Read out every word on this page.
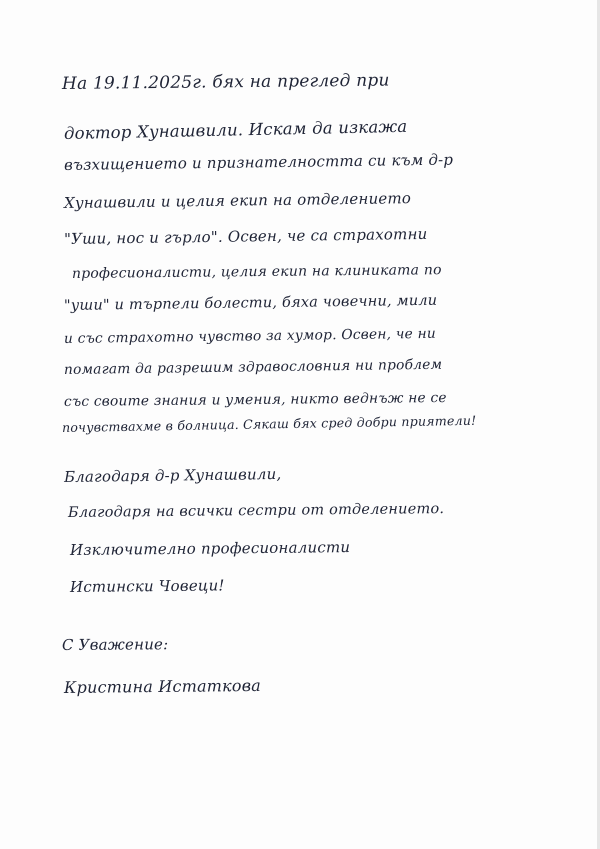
На 19.11.2025г. бях на преглед при
доктор Хунашвили. Искам да изкажа
възхищението и признателността си към д-р
Хунашвили и целия екип на отделението
"Уши, нос и гърло". Освен, че са страхотни
професионалисти, целия екип на клиниката по
"уши" и търпели болести, бяха човечни, мили
и със страхотно чувство за хумор. Освен, че ни
помагат да разрешим здравословния ни проблем
със своите знания и умения, никто веднъж не се
почувствахме в болница. Сякаш бях сред добри приятели!
Благодаря д-р Хунашвили,
Благодаря на всички сестри от отделението.
Изключително професионалисти
Истински Човеци!
С Уважение:
Кристина Истаткова
